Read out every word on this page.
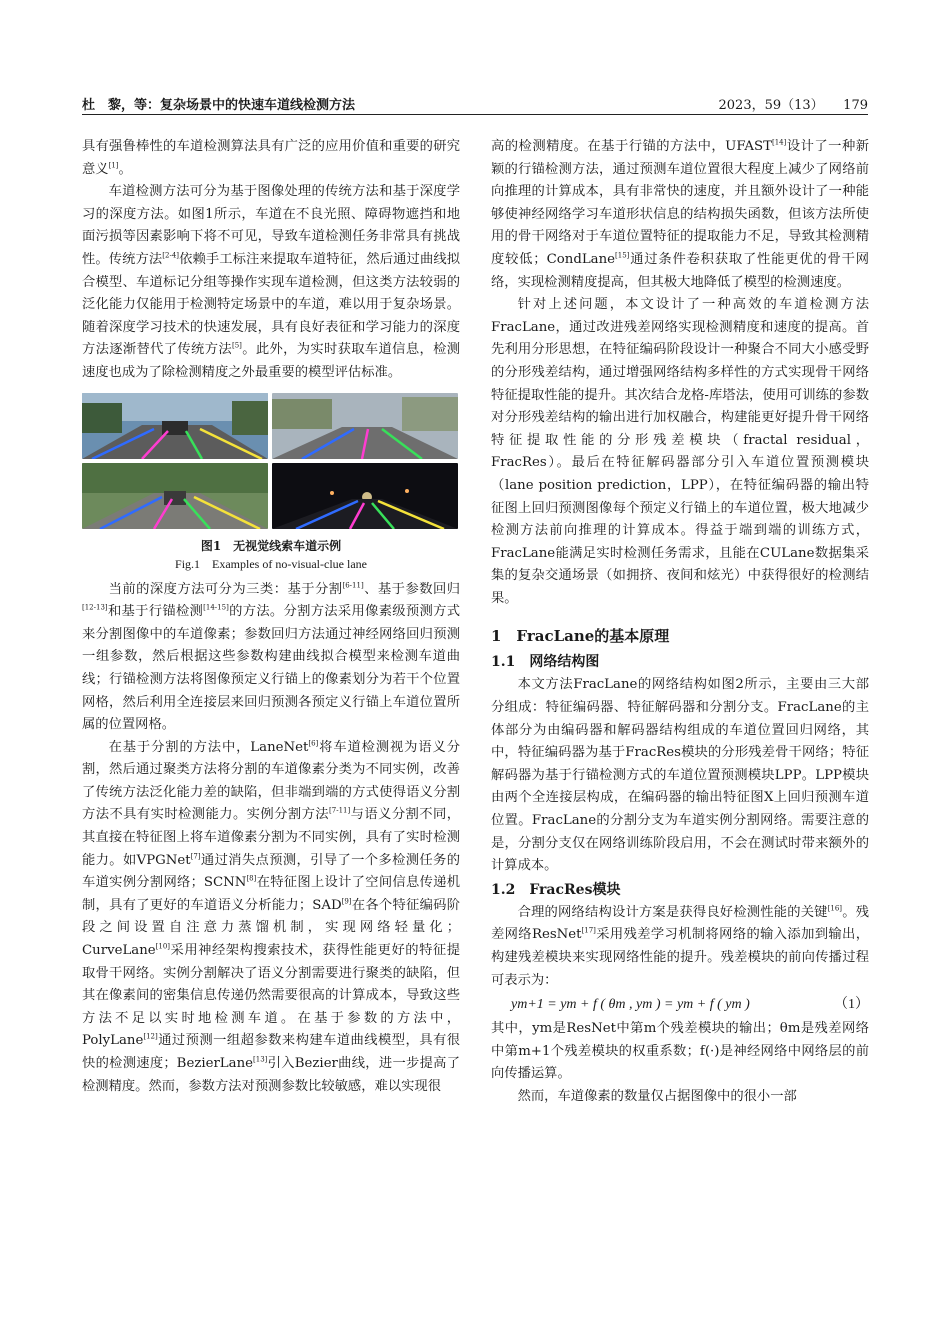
杜　黎，等：复杂场景中的快速车道线检测方法	2023，59（13）　　179

具有强鲁棒性的车道检测算法具有广泛的应用价值和重要的研究意义[1]。

车道检测方法可分为基于图像处理的传统方法和基于深度学习的深度方法。如图1所示，车道在不良光照、障碍物遮挡和地面污损等因素影响下将不可见，导致车道检测任务非常具有挑战性。传统方法[2-4]依赖手工标注来提取车道特征，然后通过曲线拟合模型、车道标记分组等操作实现车道检测，但这类方法较弱的泛化能力仅能用于检测特定场景中的车道，难以用于复杂场景。随着深度学习技术的快速发展，具有良好表征和学习能力的深度方法逐渐替代了传统方法[5]。此外，为实时获取车道信息，检测速度也成为了除检测精度之外最重要的模型评估标准。

图1　无视觉线索车道示例
Fig.1　Examples of no-visual-clue lane

当前的深度方法可分为三类：基于分割[6-11]、基于参数回归[12-13]和基于行锚检测[14-15]的方法。分割方法采用像素级预测方式来分割图像中的车道像素；参数回归方法通过神经网络回归预测一组参数，然后根据这些参数构建曲线拟合模型来检测车道曲线；行锚检测方法将图像预定义行锚上的像素划分为若干个位置网格，然后利用全连接层来回归预测各预定义行锚上车道位置所属的位置网格。

在基于分割的方法中，LaneNet[6]将车道检测视为语义分割，然后通过聚类方法将分割的车道像素分类为不同实例，改善了传统方法泛化能力差的缺陷，但非端到端的方式使得语义分割方法不具有实时检测能力。实例分割方法[7-11]与语义分割不同，其直接在特征图上将车道像素分割为不同实例，具有了实时检测能力。如VPGNet[7]通过消失点预测，引导了一个多检测任务的车道实例分割网络；SCNN[8]在特征图上设计了空间信息传递机制，具有了更好的车道语义分析能力；SAD[9]在各个特征编码阶段之间设置自注意力蒸馏机制，实现网络轻量化；CurveLane[10]采用神经架构搜索技术，获得性能更好的特征提取骨干网络。实例分割解决了语义分割需要进行聚类的缺陷，但其在像素间的密集信息传递仍然需要很高的计算成本，导致这些方法不足以实时地检测车道。在基于参数的方法中，PolyLane[12]通过预测一组超参数来构建车道曲线模型，具有很快的检测速度；BezierLane[13]引入Bezier曲线，进一步提高了检测精度。然而，参数方法对预测参数比较敏感，难以实现很

高的检测精度。在基于行锚的方法中，UFAST[14]设计了一种新颖的行锚检测方法，通过预测车道位置很大程度上减少了网络前向推理的计算成本，具有非常快的速度，并且额外设计了一种能够使神经网络学习车道形状信息的结构损失函数，但该方法所使用的骨干网络对于车道位置特征的提取能力不足，导致其检测精度较低；CondLane[15]通过条件卷积获取了性能更优的骨干网络，实现检测精度提高，但其极大地降低了模型的检测速度。

针对上述问题，本文设计了一种高效的车道检测方法FracLane，通过改进残差网络实现检测精度和速度的提高。首先利用分形思想，在特征编码阶段设计一种聚合不同大小感受野的分形残差结构，通过增强网络结构多样性的方式实现骨干网络特征提取性能的提升。其次结合龙格-库塔法，使用可训练的参数对分形残差结构的输出进行加权融合，构建能更好提升骨干网络特征提取性能的分形残差模块（fractal residual，FracRes）。最后在特征解码器部分引入车道位置预测模块（lane position prediction，LPP），在特征编码器的输出特征图上回归预测图像每个预定义行锚上的车道位置，极大地减少检测方法前向推理的计算成本。得益于端到端的训练方式，FracLane能满足实时检测任务需求，且能在CULane数据集采集的复杂交通场景（如拥挤、夜间和炫光）中获得很好的检测结果。

1　FracLane的基本原理
1.1　网络结构图

本文方法FracLane的网络结构如图2所示，主要由三大部分组成：特征编码器、特征解码器和分割分支。FracLane的主体部分为由编码器和解码器结构组成的车道位置回归网络，其中，特征编码器为基于FracRes模块的分形残差骨干网络；特征解码器为基于行锚检测方式的车道位置预测模块LPP。LPP模块由两个全连接层构成，在编码器的输出特征图X上回归预测车道位置。FracLane的分割分支为车道实例分割网络。需要注意的是，分割分支仅在网络训练阶段启用，不会在测试时带来额外的计算成本。

1.2　FracRes模块

合理的网络结构设计方案是获得良好检测性能的关键[16]。残差网络ResNet[17]采用残差学习机制将网络的输入添加到输出，构建残差模块来实现网络性能的提升。残差模块的前向传播过程可表示为：

ym+1 = ym + f ( θm , ym ) = ym + f ( ym )	（1）

其中，ym是ResNet中第m个残差模块的输出；θm是残差网络中第m+1个残差模块的权重系数；f(·)是神经网络中网络层的前向传播运算。

然而，车道像素的数量仅占据图像中的很小一部
